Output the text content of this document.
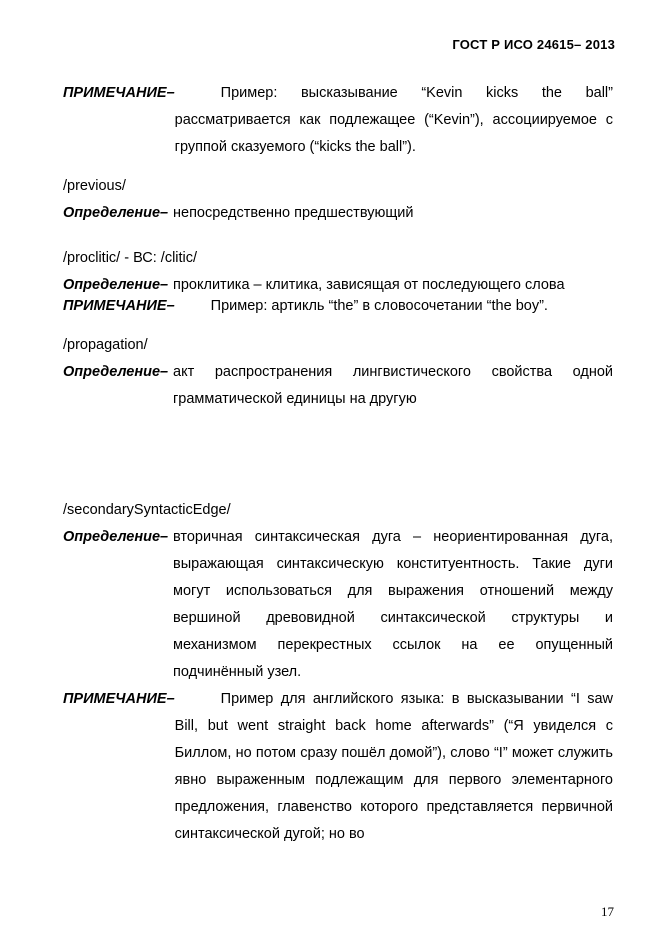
ГОСТ Р ИСО 24615– 2013
ПРИМЕЧАНИЕ–	Пример: высказывание “Kevin kicks the ball” рассматривается как подлежащее (“Kevin”), ассоциируемое с группой сказуемого (“kicks the ball”).
/previous/
Определение– непосредственно предшествующий
/proclitic/ - ВС: /clitic/
Определение– проклитика – клитика, зависящая от последующего слова
ПРИМЕЧАНИЕ–	Пример: артикль “the” в словосочетании “the boy”.
/propagation/
Определение– акт распространения лингвистического свойства одной грамматической единицы на другую
/secondarySyntacticEdge/
Определение– вторичная синтаксическая дуга – неориентированная дуга, выражающая синтаксическую конституентность. Такие дуги могут использоваться для выражения отношений между вершиной древовидной синтаксической структуры и механизмом перекрестных ссылок на ее опущенный подчинённый узел.
ПРИМЕЧАНИЕ–	Пример для английского языка: в высказывании “I saw Bill, but went straight back home afterwards” (“Я увиделся с Биллом, но потом сразу пошёл домой”), слово “I” может служить явно выраженным подлежащим для первого элементарного предложения, главенство которого представляется первичной синтаксической дугой; но во
17
